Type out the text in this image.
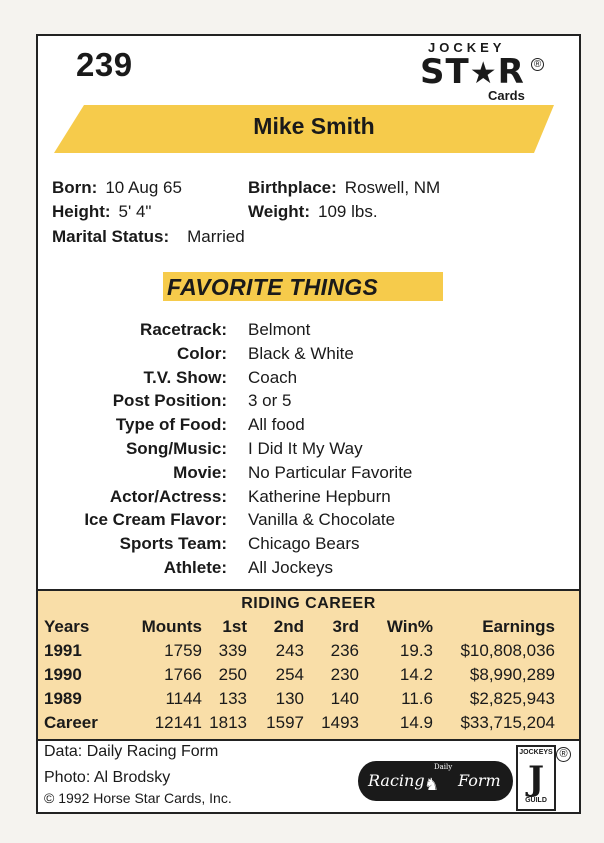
239	JOCKEY
ST★R ®
Cards
Mike Smith
Born: 10 Aug 65	Birthplace: Roswell, NM
Height: 5' 4"	Weight: 109 lbs.
Marital Status: Married
FAVORITE THINGS
Racetrack: Belmont
Color: Black & White
T.V. Show: Coach
Post Position: 3 or 5
Type of Food: All food
Song/Music: I Did It My Way
Movie: No Particular Favorite
Actor/Actress: Katherine Hepburn
Ice Cream Flavor: Vanilla & Chocolate
Sports Team: Chicago Bears
Athlete: All Jockeys
RIDING CAREER
Years	Mounts	1st	2nd	3rd	Win%	Earnings
1991	1759	339	243	236	19.3	$10,808,036
1990	1766	250	254	230	14.2	$8,990,289
1989	1144	133	130	140	11.6	$2,825,943
Career	12141	1813	1597	1493	14.9	$33,715,204
Data: Daily Racing Form
Photo: Al Brodsky
© 1992 Horse Star Cards, Inc.
Racing
Daily
♞ Form
JOCKEYS
J
GUILD
®
